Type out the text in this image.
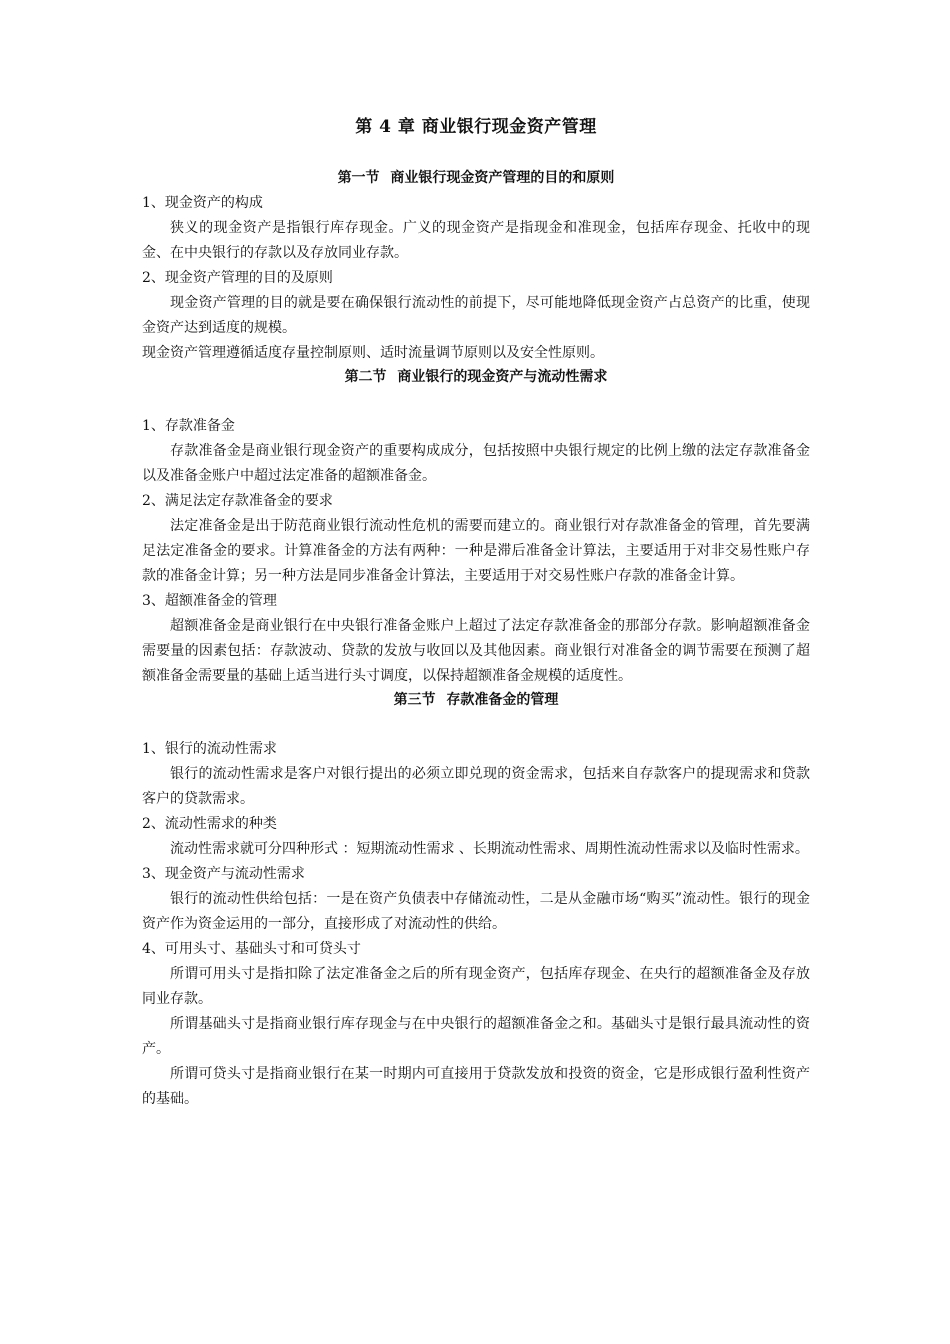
第 4 章 商业银行现金资产管理
第一节 商业银行现金资产管理的目的和原则

1、现金资产的构成

狭义的现金资产是指银行库存现金。广义的现金资产是指现金和准现金，包括库存现金、托收中的现金、在中央银行的存款以及存放同业存款。

2、现金资产管理的目的及原则

现金资产管理的目的就是要在确保银行流动性的前提下，尽可能地降低现金资产占总资产的比重，使现金资产达到适度的规模。

现金资产管理遵循适度存量控制原则、适时流量调节原则以及安全性原则。

第二节 商业银行的现金资产与流动性需求

1、存款准备金

存款准备金是商业银行现金资产的重要构成成分，包括按照中央银行规定的比例上缴的法定存款准备金以及准备金账户中超过法定准备的超额准备金。

2、满足法定存款准备金的要求

法定准备金是出于防范商业银行流动性危机的需要而建立的。商业银行对存款准备金的管理，首先要满足法定准备金的要求。计算准备金的方法有两种：一种是滞后准备金计算法，主要适用于对非交易性账户存款的准备金计算；另一种方法是同步准备金计算法，主要适用于对交易性账户存款的准备金计算。

3、超额准备金的管理

超额准备金是商业银行在中央银行准备金账户上超过了法定存款准备金的那部分存款。影响超额准备金需要量的因素包括：存款波动、贷款的发放与收回以及其他因素。商业银行对准备金的调节需要在预测了超额准备金需要量的基础上适当进行头寸调度，以保持超额准备金规模的适度性。

第三节 存款准备金的管理

1、银行的流动性需求

银行的流动性需求是客户对银行提出的必须立即兑现的资金需求，包括来自存款客户的提现需求和贷款客户的贷款需求。

2、流动性需求的种类

流动性需求就可分四种形式 ：短期流动性需求 、长期流动性需求、周期性流动性需求以及临时性需求。

3、现金资产与流动性需求

银行的流动性供给包括：一是在资产负债表中存储流动性，二是从金融市场“购买”流动性。银行的现金资产作为资金运用的一部分，直接形成了对流动性的供给。

4、可用头寸、基础头寸和可贷头寸

所谓可用头寸是指扣除了法定准备金之后的所有现金资产，包括库存现金、在央行的超额准备金及存放同业存款。

所谓基础头寸是指商业银行库存现金与在中央银行的超额准备金之和。基础头寸是银行最具流动性的资产。

所谓可贷头寸是指商业银行在某一时期内可直接用于贷款发放和投资的资金，它是形成银行盈利性资产的基础。
